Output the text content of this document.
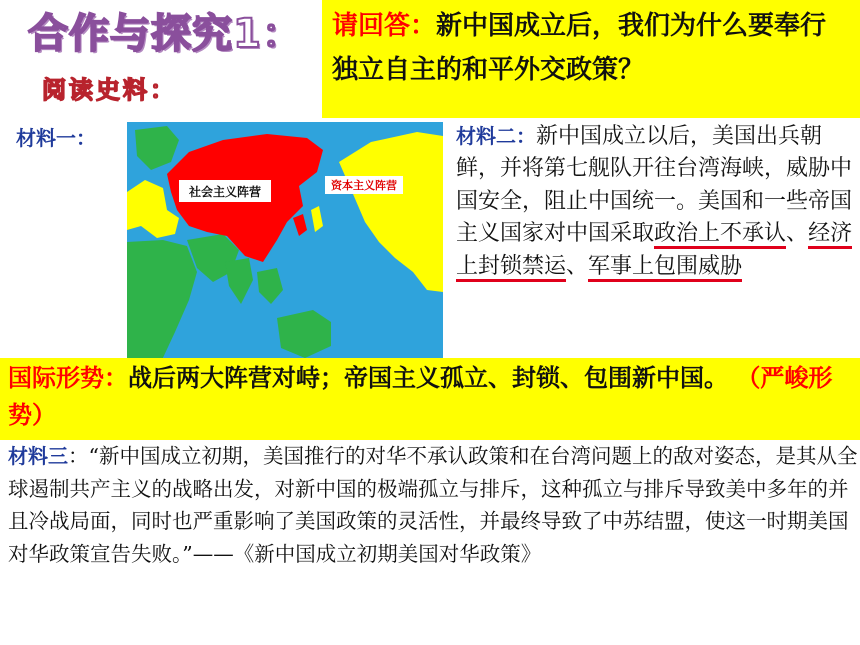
合作与探究1：
阅读史料：
请回答：新中国成立后，我们为什么要奉行独立自主的和平外交政策？
材料一：
社会主义阵营	资本主义阵营
材料二：新中国成立以后，美国出兵朝鲜，并将第七舰队开往台湾海峡，威胁中国安全，阻止中国统一。美国和一些帝国主义国家对中国采取政治上不承认、经济上封锁禁运、军事上包围威胁
材料三：“新中国成立初期，美国推行的对华不承认政策和在台湾问题上的敌对姿态，是其从全球遏制共产主义的战略出发，对新中国的极端孤立与排斥，这种孤立与排斥导致美中多年的并且冷战局面，同时也严重影响了美国政策的灵活性，并最终导致了中苏结盟，使这一时期美国对华政策宣告失败。”——《新中国成立初期美国对华政策》
国际形势：战后两大阵营对峙；帝国主义孤立、封锁、包围新中国。 （严峻形势）
